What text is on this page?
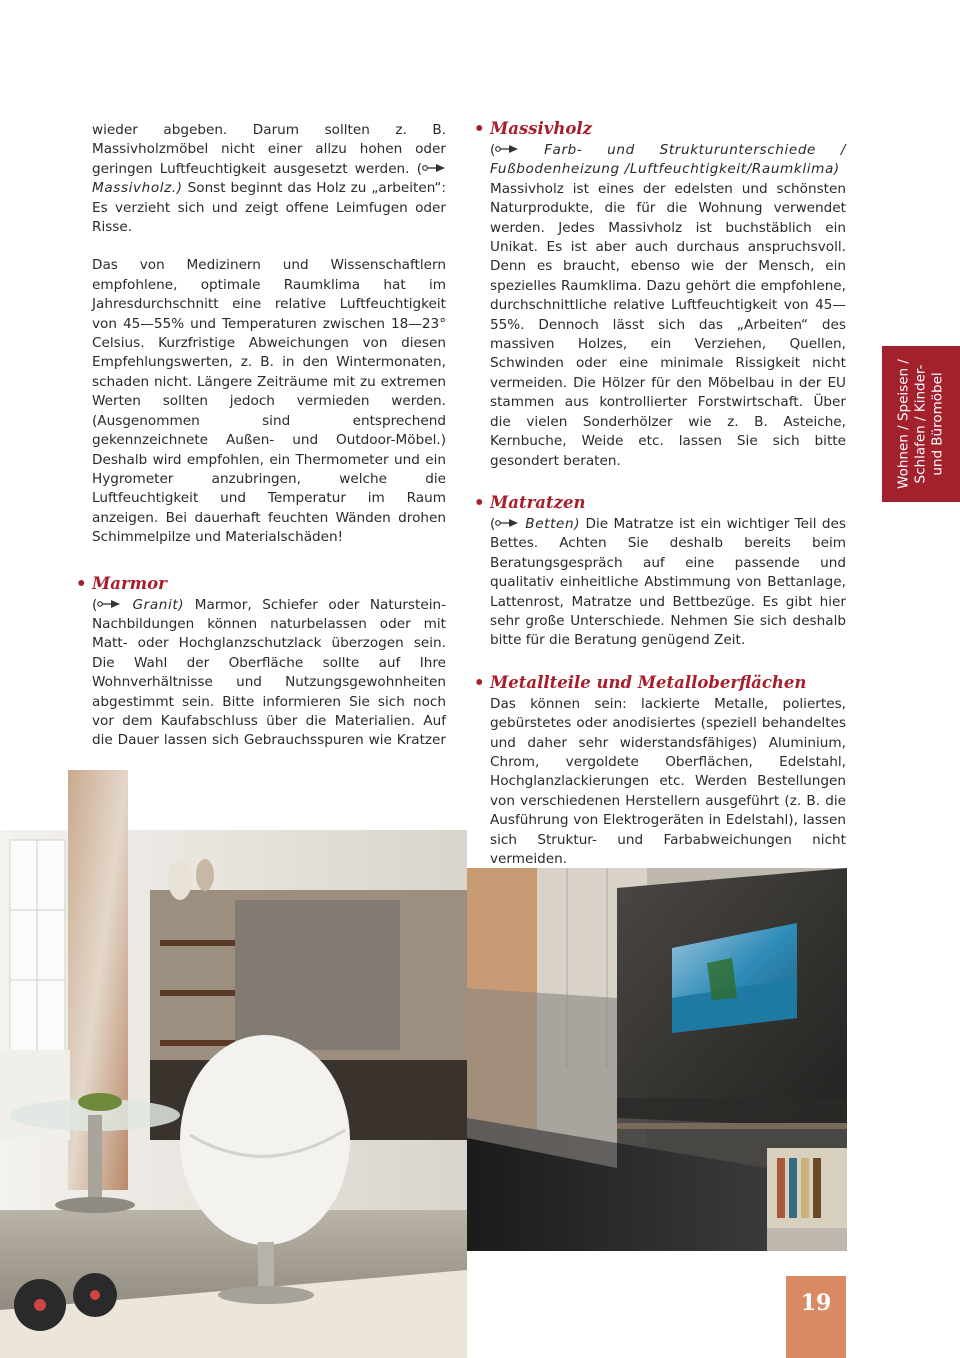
wieder abgeben. Darum sollten z. B. Massivholzmöbel nicht einer allzu hohen oder geringen Luftfeuchtigkeit ausgesetzt werden. ( Massivholz.) Sonst beginnt das Holz zu „arbeiten“: Es verzieht sich und zeigt offene Leimfugen oder Risse.

Das von Medizinern und Wissenschaftlern empfohlene, optimale Raumklima hat im Jahresdurchschnitt eine relative Luftfeuchtigkeit von 45—55% und Temperaturen zwischen 18—23° Celsius. Kurzfristige Abweichungen von diesen Empfehlungswerten, z. B. in den Wintermonaten, schaden nicht. Längere Zeiträume mit zu extremen Werten sollten jedoch vermieden werden. (Ausgenommen sind entsprechend gekennzeichnete Außen- und Outdoor-Möbel.) Deshalb wird empfohlen, ein Thermometer und ein Hygrometer anzubringen, welche die Luftfeuchtigkeit und Temperatur im Raum anzeigen. Bei dauerhaft feuchten Wänden drohen Schimmelpilze und Materialschäden!

• Marmor

( Granit) Marmor, Schiefer oder Naturstein-Nachbildungen können naturbelassen oder mit Matt- oder Hochglanzschutzlack überzogen sein. Die Wahl der Oberfläche sollte auf Ihre Wohnverhältnisse und Nutzungsgewohnheiten abgestimmt sein. Bitte informieren Sie sich noch vor dem Kaufabschluss über die Materialien. Auf die Dauer lassen sich Gebrauchsspuren wie Kratzer

• Massivholz

( Farb- und Strukturunterschiede / Fußbodenheizung /Luftfeuchtigkeit/Raumklima)

Massivholz ist eines der edelsten und schönsten Naturprodukte, die für die Wohnung verwendet werden. Jedes Massivholz ist buchstäblich ein Unikat. Es ist aber auch durchaus anspruchsvoll. Denn es braucht, ebenso wie der Mensch, ein spezielles Raumklima. Dazu gehört die empfohlene, durchschnittliche relative Luftfeuchtigkeit von 45—55%. Dennoch lässt sich das „Arbeiten“ des massiven Holzes, ein Verziehen, Quellen, Schwinden oder eine minimale Rissigkeit nicht vermeiden. Die Hölzer für den Möbelbau in der EU stammen aus kontrollierter Forstwirtschaft. Über die vielen Sonderhölzer wie z. B. Asteiche, Kernbuche, Weide etc. lassen Sie sich bitte gesondert beraten.

• Matratzen

( Betten) Die Matratze ist ein wichtiger Teil des Bettes. Achten Sie deshalb bereits beim Beratungsgespräch auf eine passende und qualitativ einheitliche Abstimmung von Bettanlage, Lattenrost, Matratze und Bettbezüge. Es gibt hier sehr große Unterschiede. Nehmen Sie sich deshalb bitte für die Beratung genügend Zeit.

• Metallteile und Metalloberflächen

Das können sein: lackierte Metalle, poliertes, gebürstetes oder anodisiertes (speziell behandeltes und daher sehr widerstandsfähiges) Aluminium, Chrom, vergoldete Oberflächen, Edelstahl, Hochglanzlackierungen etc. Werden Bestellungen von verschiedenen Herstellern ausgeführt (z. B. die Ausführung von Elektrogeräten in Edelstahl), lassen sich Struktur- und Farbabweichungen nicht vermeiden.

Wohnen / Speisen / Schlafen / Kinder- und Büromöbel
19
